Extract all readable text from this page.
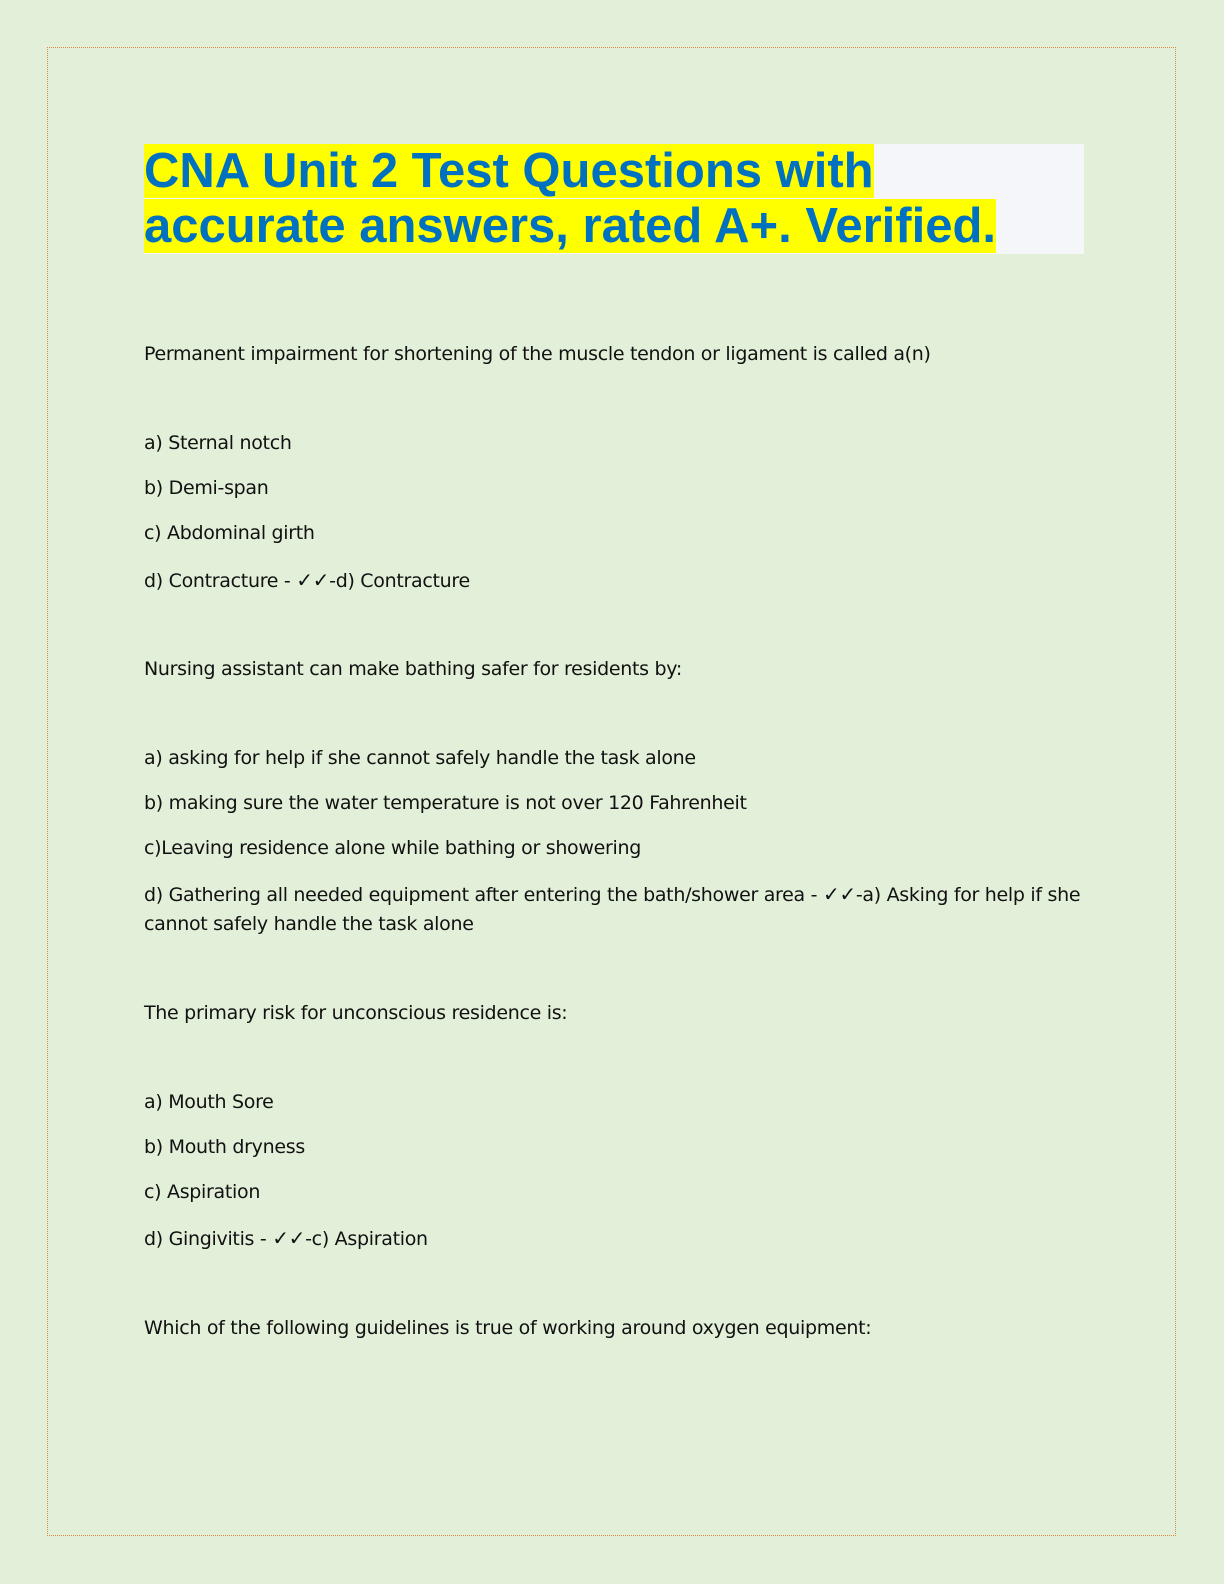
CNA Unit 2 Test Questions with accurate answers, rated A+. Verified.
Permanent impairment for shortening of the muscle tendon or ligament is called a(n)
a) Sternal notch
b) Demi-span
c) Abdominal girth
d) Contracture - ✓✓-d) Contracture
Nursing assistant can make bathing safer for residents by:
a) asking for help if she cannot safely handle the task alone
b) making sure the water temperature is not over 120 Fahrenheit
c)Leaving residence alone while bathing or showering
d) Gathering all needed equipment after entering the bath/shower area - ✓✓-a) Asking for help if she cannot safely handle the task alone
The primary risk for unconscious residence is:
a) Mouth Sore
b) Mouth dryness
c) Aspiration
d) Gingivitis - ✓✓-c) Aspiration
Which of the following guidelines is true of working around oxygen equipment:
